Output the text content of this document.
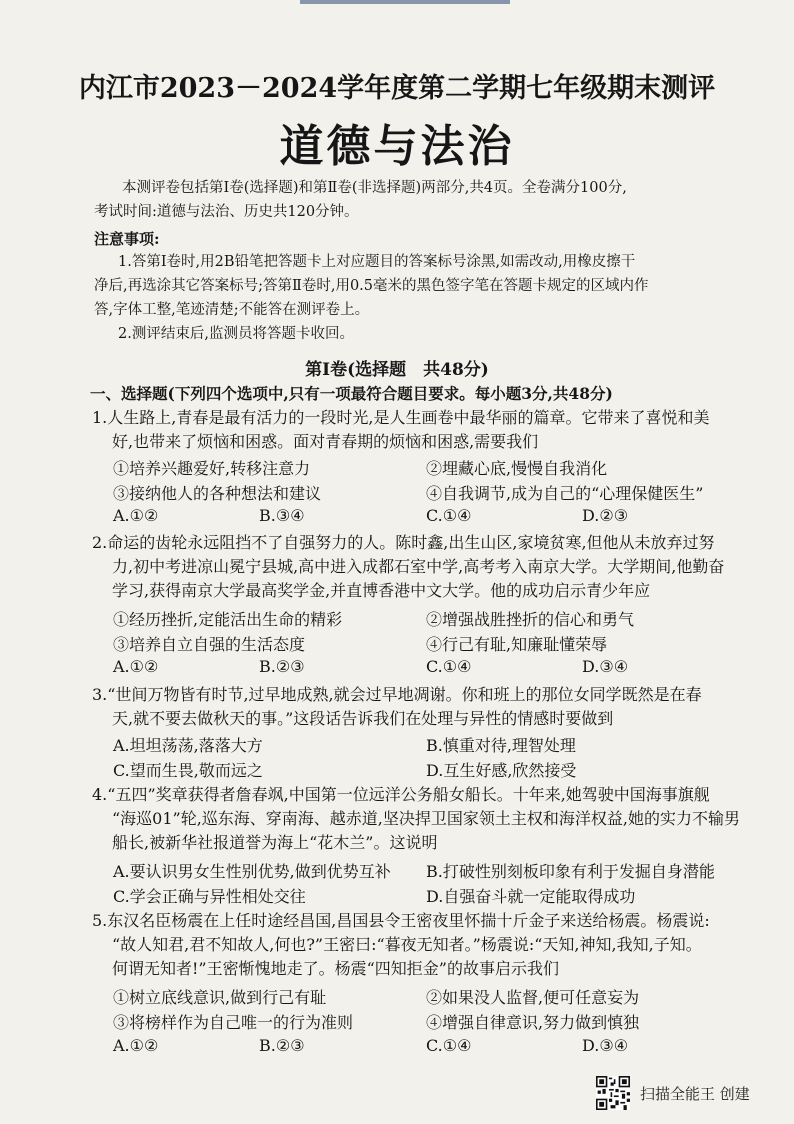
内江市2023－2024学年度第二学期七年级期末测评
道德与法治

本测评卷包括第Ⅰ卷(选择题)和第Ⅱ卷(非选择题)两部分,共4页。全卷满分100分,

考试时间:道德与法治、历史共120分钟。

注意事项:

1.答第Ⅰ卷时,用2B铅笔把答题卡上对应题目的答案标号涂黑,如需改动,用橡皮擦干

净后,再选涂其它答案标号;答第Ⅱ卷时,用0.5毫米的黑色签字笔在答题卡规定的区域内作

答,字体工整,笔迹清楚;不能答在测评卷上。

2.测评结束后,监测员将答题卡收回。

第Ⅰ卷(选择题　共48分)
一、选择题(下列四个选项中,只有一项最符合题目要求。每小题3分,共48分)
1.人生路上,青春是最有活力的一段时光,是人生画卷中最华丽的篇章。它带来了喜悦和美
好,也带来了烦恼和困惑。面对青春期的烦恼和困惑,需要我们
①培养兴趣爱好,转移注意力	②埋藏心底,慢慢自我消化
③接纳他人的各种想法和建议	④自我调节,成为自己的“心理保健医生”
A.①②	B.③④	C.①④	D.②③
2.命运的齿轮永远阻挡不了自强努力的人。陈时鑫,出生山区,家境贫寒,但他从未放弃过努
力,初中考进凉山冕宁县城,高中进入成都石室中学,高考考入南京大学。大学期间,他勤奋
学习,获得南京大学最高奖学金,并直博香港中文大学。他的成功启示青少年应
①经历挫折,定能活出生命的精彩	②增强战胜挫折的信心和勇气
③培养自立自强的生活态度	④行己有耻,知廉耻懂荣辱
A.①②	B.②③	C.①④	D.③④
3.“世间万物皆有时节,过早地成熟,就会过早地凋谢。你和班上的那位女同学既然是在春
天,就不要去做秋天的事。”这段话告诉我们在处理与异性的情感时要做到
A.坦坦荡荡,落落大方	B.慎重对待,理智处理
C.望而生畏,敬而远之	D.互生好感,欣然接受
4.“五四”奖章获得者詹春飒,中国第一位远洋公务船女船长。十年来,她驾驶中国海事旗舰
“海巡01”轮,巡东海、穿南海、越赤道,坚决捍卫国家领土主权和海洋权益,她的实力不输男
船长,被新华社报道誉为海上“花木兰”。这说明
A.要认识男女生性别优势,做到优势互补 B.打破性别刻板印象有利于发掘自身潜能
C.学会正确与异性相处交往	D.自强奋斗就一定能取得成功
5.东汉名臣杨震在上任时途经昌国,昌国县令王密夜里怀揣十斤金子来送给杨震。杨震说:
“故人知君,君不知故人,何也?”王密曰:“暮夜无知者。”杨震说:“天知,神知,我知,子知。
何谓无知者!”王密惭愧地走了。杨震“四知拒金”的故事启示我们
①树立底线意识,做到行己有耻	②如果没人监督,便可任意妄为
③将榜样作为自己唯一的行为准则	④增强自律意识,努力做到慎独
A.①②	B.②③	C.①④	D.③④
扫描全能王 创建
